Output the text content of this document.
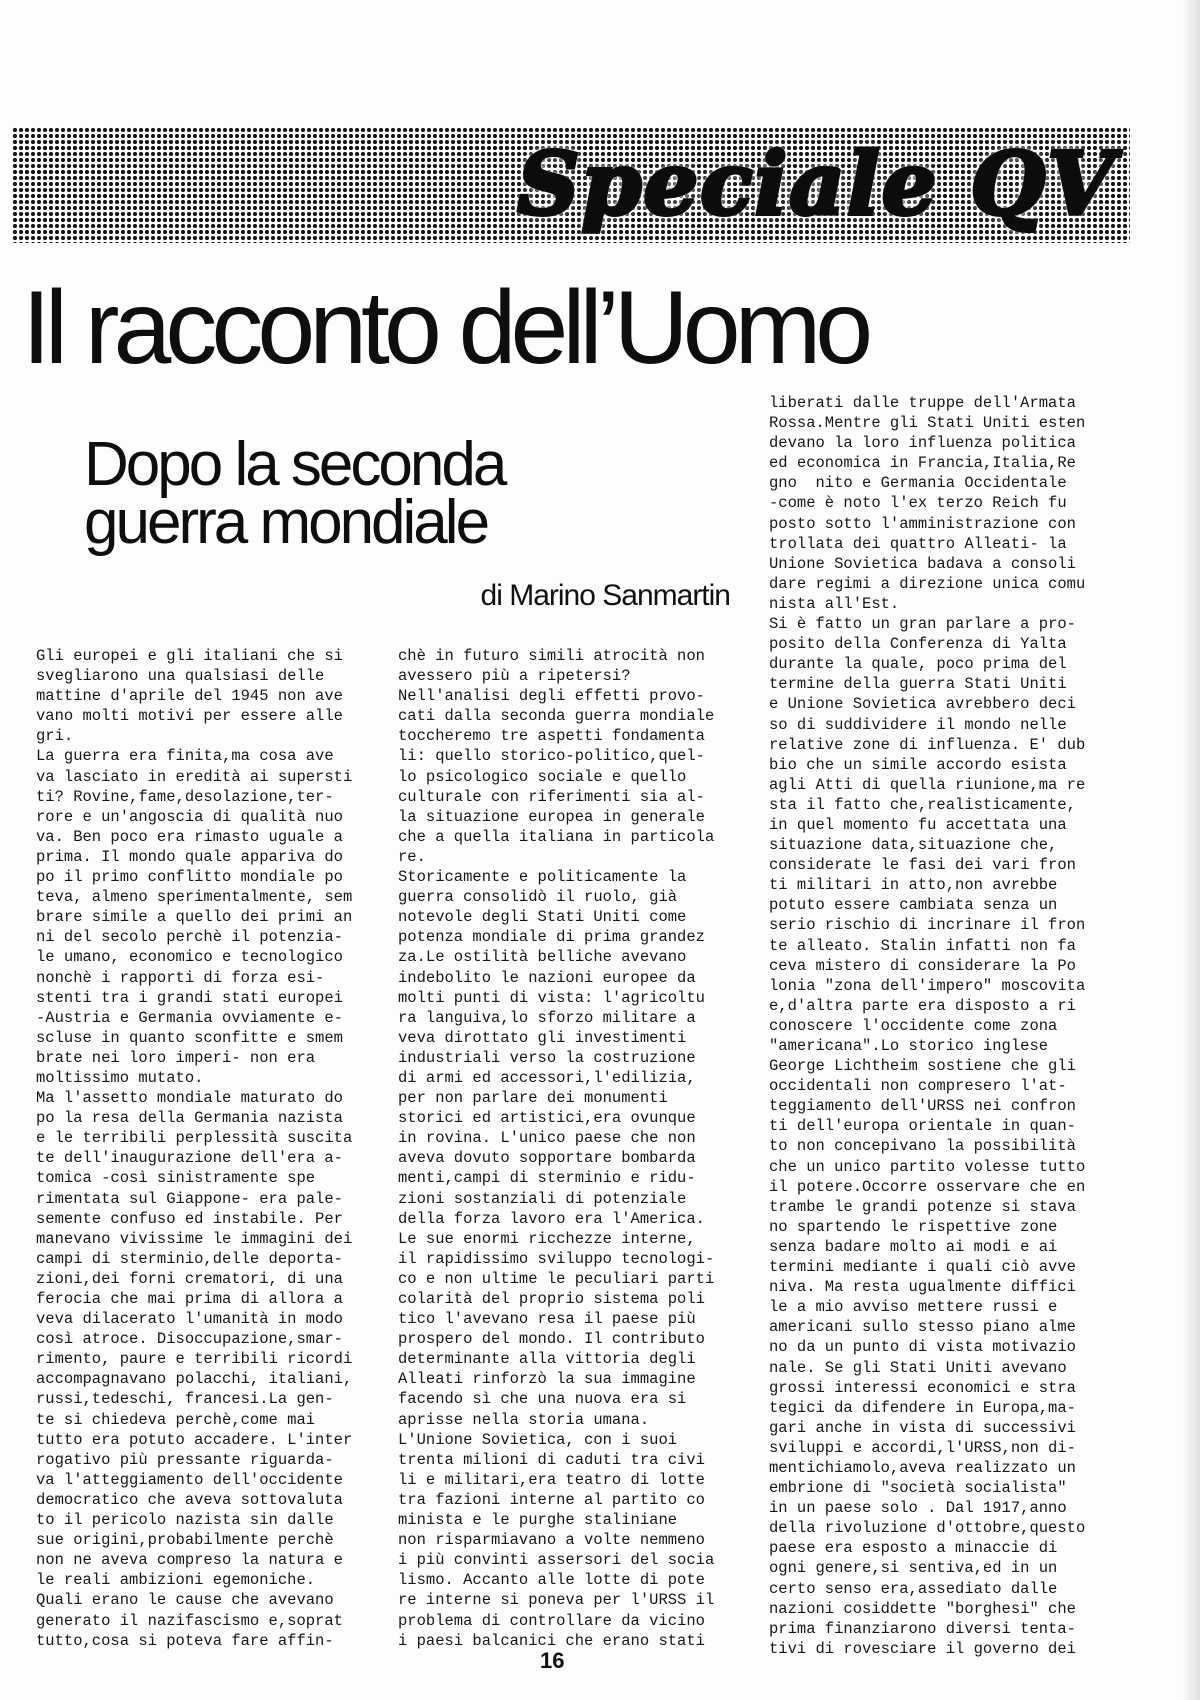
Speciale QV
Il racconto dell’Uomo
Dopo la seconda guerra mondiale
di Marino Sanmartin
Gli europei e gli italiani che si
svegliarono una qualsiasi delle
mattine d'aprile del 1945 non ave
vano molti motivi per essere alle
gri.
La guerra era finita,ma cosa ave
va lasciato in eredità ai supersti
ti? Rovine,fame,desolazione,ter-
rore e un'angoscia di qualità nuo
va. Ben poco era rimasto uguale a
prima. Il mondo quale appariva do
po il primo conflitto mondiale po
teva, almeno sperimentalmente, sem
brare simile a quello dei primi an
ni del secolo perchè il potenzia-
le umano, economico e tecnologico
nonchè i rapporti di forza esi-
stenti tra i grandi stati europei
-Austria e Germania ovviamente e-
scluse in quanto sconfitte e smem
brate nei loro imperi- non era
moltissimo mutato.
Ma l'assetto mondiale maturato do
po la resa della Germania nazista
e le terribili perplessità suscita
te dell'inaugurazione dell'era a-
tomica -così sinistramente spe
rimentata sul Giappone- era pale-
semente confuso ed instabile. Per
manevano vivissime le immagini dei
campi di sterminio,delle deporta-
zioni,dei forni crematori, di una
ferocia che mai prima di allora a
veva dilacerato l'umanità in modo
così atroce. Disoccupazione,smar-
rimento, paure e terribili ricordi
accompagnavano polacchi, italiani,
russi,tedeschi, francesi.La gen-
te si chiedeva perchè,come mai
tutto era potuto accadere. L'inter
rogativo più pressante riguarda-
va l'atteggiamento dell'occidente
democratico che aveva sottovaluta
to il pericolo nazista sin dalle
sue origini,probabilmente perchè
non ne aveva compreso la natura e
le reali ambizioni egemoniche.
Quali erano le cause che avevano
generato il nazifascismo e,soprat
tutto,cosa si poteva fare affin-
chè in futuro simili atrocità non
avessero più a ripetersi?
Nell'analisi degli effetti provo-
cati dalla seconda guerra mondiale
toccheremo tre aspetti fondamenta
li: quello storico-politico,quel-
lo psicologico sociale e quello
culturale con riferimenti sia al-
la situazione europea in generale
che a quella italiana in particola
re.
Storicamente e politicamente la
guerra consolidò il ruolo, già
notevole degli Stati Uniti come
potenza mondiale di prima grandez
za.Le ostilità belliche avevano
indebolito le nazioni europee da
molti punti di vista: l'agricoltu
ra languiva,lo sforzo militare a
veva dirottato gli investimenti
industriali verso la costruzione
di armi ed accessori,l'edilizia,
per non parlare dei monumenti
storici ed artistici,era ovunque
in rovina. L'unico paese che non
aveva dovuto sopportare bombarda
menti,campi di sterminio e ridu-
zioni sostanziali di potenziale
della forza lavoro era l'America.
Le sue enormi ricchezze interne,
il rapidissimo sviluppo tecnologi-
co e non ultime le peculiari parti
colarità del proprio sistema poli
tico l'avevano resa il paese più
prospero del mondo. Il contributo
determinante alla vittoria degli
Alleati rinforzò la sua immagine
facendo sì che una nuova era si
aprisse nella storia umana.
L'Unione Sovietica, con i suoi
trenta milioni di caduti tra civi
li e militari,era teatro di lotte
tra fazioni interne al partito co
minista e le purghe staliniane
non risparmiavano a volte nemmeno
i più convinti assersori del socia
lismo. Accanto alle lotte di pote
re interne si poneva per l'URSS il
problema di controllare da vicino
i paesi balcanici che erano stati
liberati dalle truppe dell'Armata
Rossa.Mentre gli Stati Uniti esten
devano la loro influenza politica
ed economica in Francia,Italia,Re
gno  nito e Germania Occidentale
-come è noto l'ex terzo Reich fu
posto sotto l'amministrazione con
trollata dei quattro Alleati- la
Unione Sovietica badava a consoli
dare regimi a direzione unica comu
nista all'Est.
Si è fatto un gran parlare a pro-
posito della Conferenza di Yalta
durante la quale, poco prima del
termine della guerra Stati Uniti
e Unione Sovietica avrebbero deci
so di suddividere il mondo nelle
relative zone di influenza. E' dub
bio che un simile accordo esista
agli Atti di quella riunione,ma re
sta il fatto che,realisticamente,
in quel momento fu accettata una
situazione data,situazione che,
considerate le fasi dei vari fron
ti militari in atto,non avrebbe
potuto essere cambiata senza un
serio rischio di incrinare il fron
te alleato. Stalin infatti non fa
ceva mistero di considerare la Po
lonia "zona dell'impero" moscovita
e,d'altra parte era disposto a ri
conoscere l'occidente come zona
"americana".Lo storico inglese
George Lichtheim sostiene che gli
occidentali non compresero l'at-
teggiamento dell'URSS nei confron
ti dell'europa orientale in quan-
to non concepivano la possibilità
che un unico partito volesse tutto
il potere.Occorre osservare che en
trambe le grandi potenze si stava
no spartendo le rispettive zone
senza badare molto ai modi e ai
termini mediante i quali ciò avve
niva. Ma resta ugualmente diffici
le a mio avviso mettere russi e
americani sullo stesso piano alme
no da un punto di vista motivazio
nale. Se gli Stati Uniti avevano
grossi interessi economici e stra
tegici da difendere in Europa,ma-
gari anche in vista di successivi
sviluppi e accordi,l'URSS,non di-
mentichiamolo,aveva realizzato un
embrione di "società socialista"
in un paese solo . Dal 1917,anno
della rivoluzione d'ottobre,questo
paese era esposto a minaccie di
ogni genere,si sentiva,ed in un
certo senso era,assediato dalle
nazioni cosiddette "borghesi" che
prima finanziarono diversi tenta-
tivi di rovesciare il governo dei
16
